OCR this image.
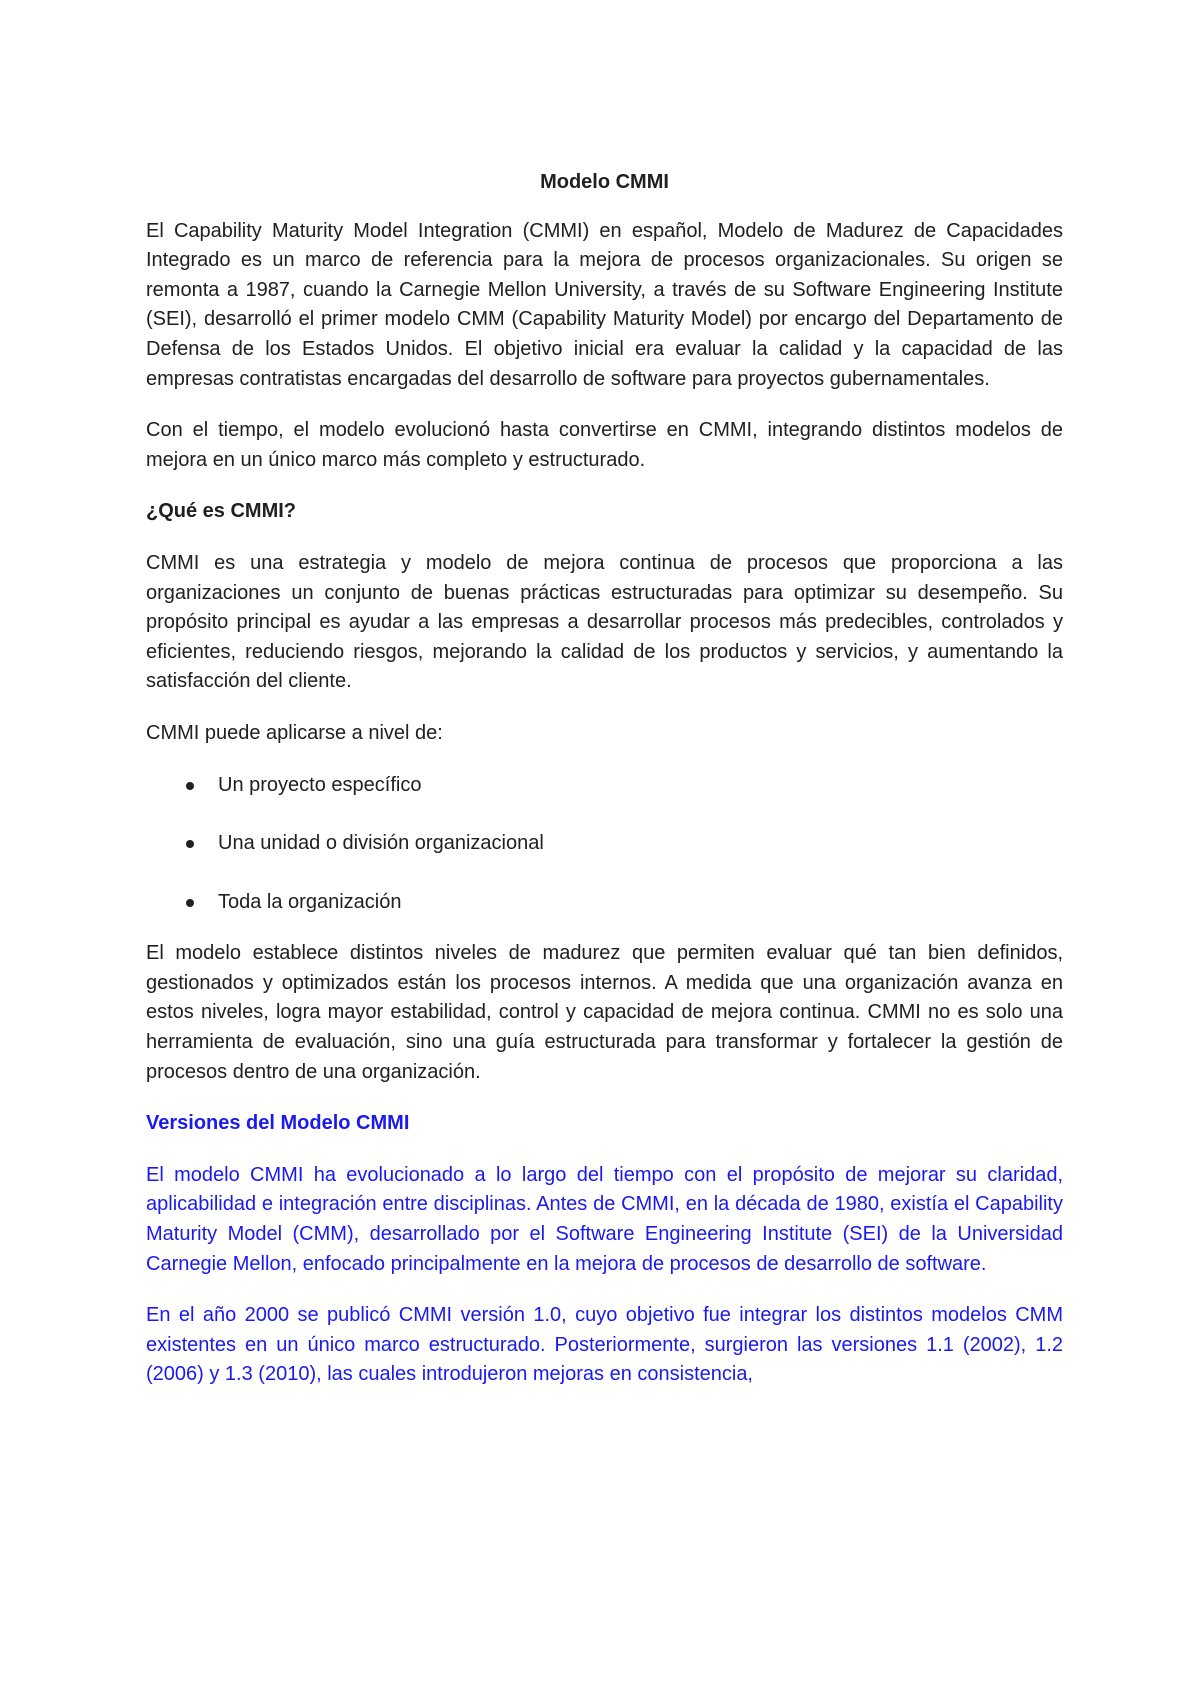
Modelo CMMI

El Capability Maturity Model Integration (CMMI) en español, Modelo de Madurez de Capacidades Integrado es un marco de referencia para la mejora de procesos organizacionales. Su origen se remonta a 1987, cuando la Carnegie Mellon University, a través de su Software Engineering Institute (SEI), desarrolló el primer modelo CMM (Capability Maturity Model) por encargo del Departamento de Defensa de los Estados Unidos. El objetivo inicial era evaluar la calidad y la capacidad de las empresas contratistas encargadas del desarrollo de software para proyectos gubernamentales.

Con el tiempo, el modelo evolucionó hasta convertirse en CMMI, integrando distintos modelos de mejora en un único marco más completo y estructurado.

¿Qué es CMMI?

CMMI es una estrategia y modelo de mejora continua de procesos que proporciona a las organizaciones un conjunto de buenas prácticas estructuradas para optimizar su desempeño. Su propósito principal es ayudar a las empresas a desarrollar procesos más predecibles, controlados y eficientes, reduciendo riesgos, mejorando la calidad de los productos y servicios, y aumentando la satisfacción del cliente.

CMMI puede aplicarse a nivel de:

Un proyecto específico
Una unidad o división organizacional
Toda la organización

El modelo establece distintos niveles de madurez que permiten evaluar qué tan bien definidos, gestionados y optimizados están los procesos internos. A medida que una organización avanza en estos niveles, logra mayor estabilidad, control y capacidad de mejora continua. CMMI no es solo una herramienta de evaluación, sino una guía estructurada para transformar y fortalecer la gestión de procesos dentro de una organización.

Versiones del Modelo CMMI

El modelo CMMI ha evolucionado a lo largo del tiempo con el propósito de mejorar su claridad, aplicabilidad e integración entre disciplinas. Antes de CMMI, en la década de 1980, existía el Capability Maturity Model (CMM), desarrollado por el Software Engineering Institute (SEI) de la Universidad Carnegie Mellon, enfocado principalmente en la mejora de procesos de desarrollo de software.

En el año 2000 se publicó CMMI versión 1.0, cuyo objetivo fue integrar los distintos modelos CMM existentes en un único marco estructurado. Posteriormente, surgieron las versiones 1.1 (2002), 1.2 (2006) y 1.3 (2010), las cuales introdujeron mejoras en consistencia,
